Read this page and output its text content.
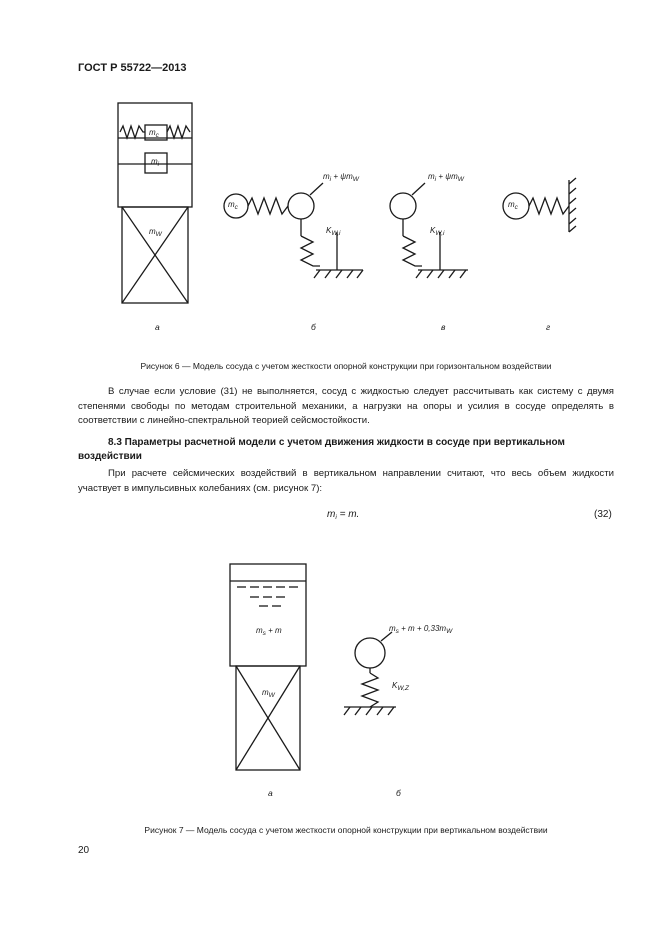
ГОСТ Р 55722—2013
$m_c$
$m_i$
$m_W$
$m_c$
$m_i + \psi m_W$
$K_{W,i}$
$m_i + \psi m_W$
$K_{W,i}$
$m_c$
а	б	в	г
Рисунок 6 — Модель сосуда с учетом жесткости опорной конструкции при горизонтальном воздействии
В случае если условие (31) не выполняется, сосуд с жидкостью следует рассчитывать как систему с двумя степенями свободы по методам строительной механики, а нагрузки на опоры и усилия в сосуде определять в соответствии с линейно-спектральной теорией сейсмостойкости.
8.3 Параметры расчетной модели с учетом движения жидкости в сосуде при вертикальном воздействии
При расчете сейсмических воздействий в вертикальном направлении считают, что весь объем жидкости участвует в импульсивных колебаниях (см. рисунок 7):
$m_i = m$.	(32)
$m_s + m$
$m_W$
$m_s + m + 0,33m_W$
$K_{W,Z}$
а	б
Рисунок 7 — Модель сосуда с учетом жесткости опорной конструкции при вертикальном воздействии
20
